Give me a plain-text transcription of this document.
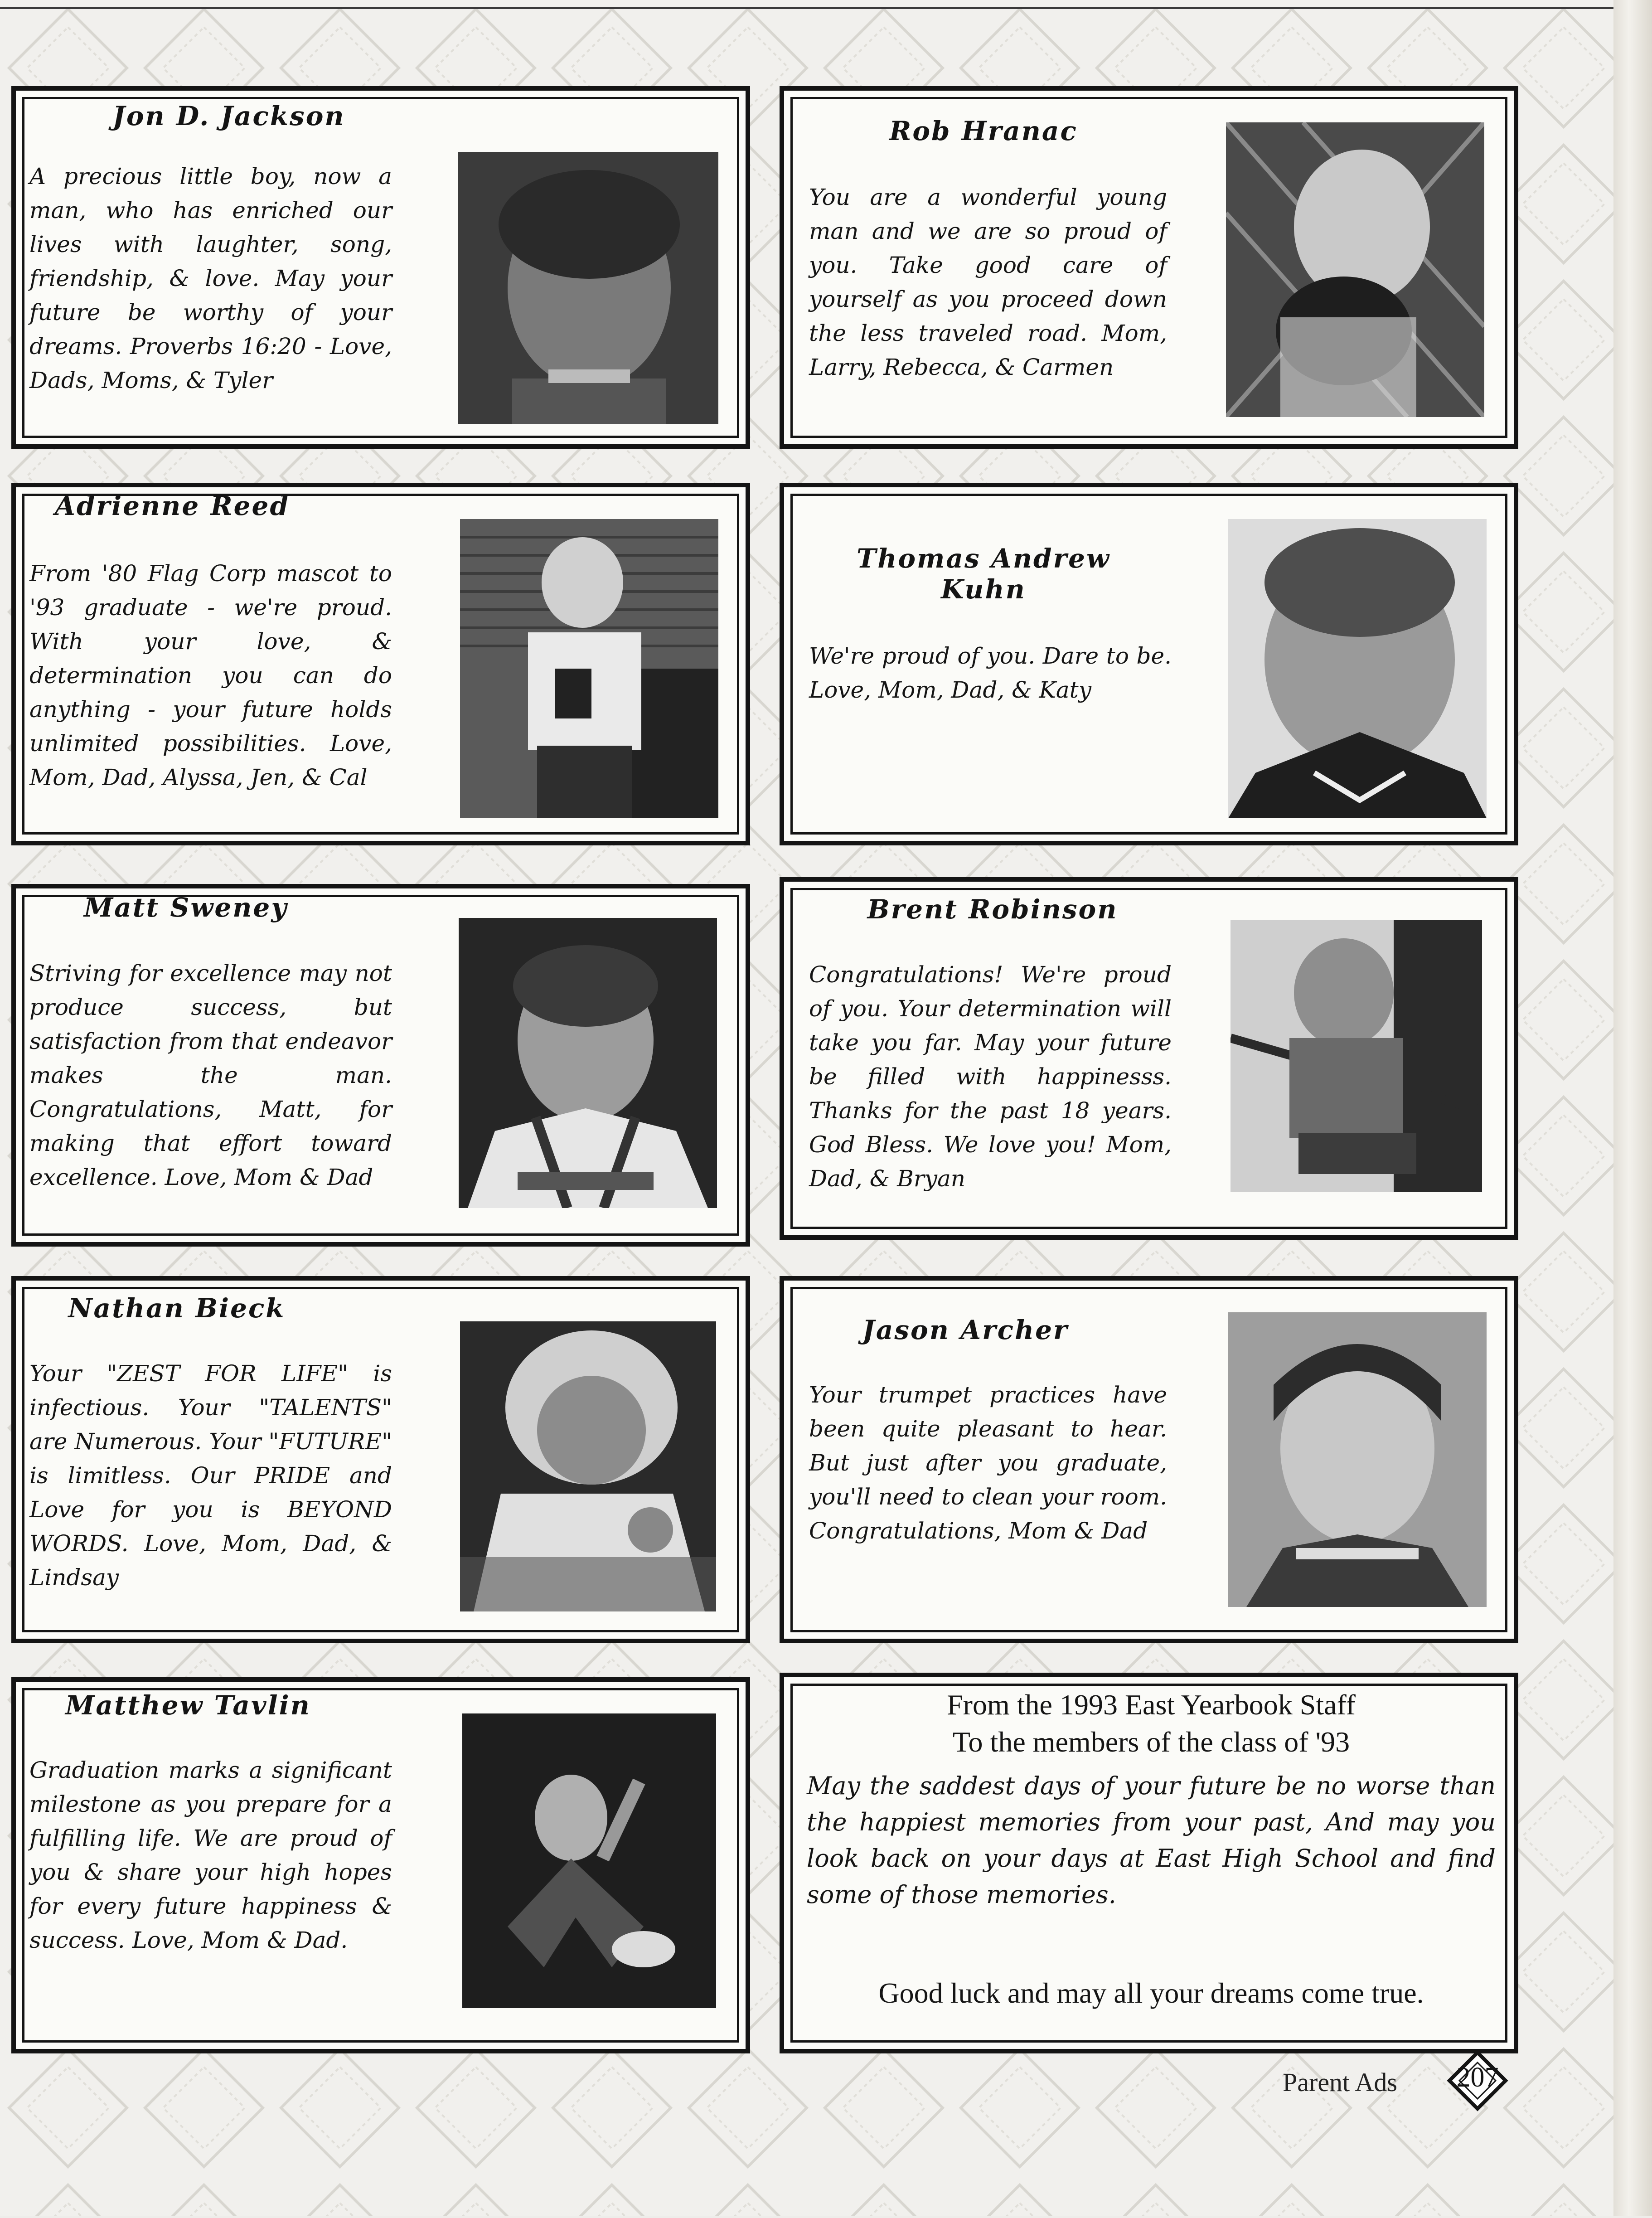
Jon D. Jackson

A precious little boy, now a man, who has enriched our lives with laughter, song, friendship, & love. May your future be worthy of your dreams. Proverbs 16:20 - Love, Dads, Moms, & Tyler

Rob Hranac

You are a wonderful young man and we are so proud of you. Take good care of yourself as you proceed down the less traveled road. Mom, Larry, Rebecca, & Carmen

Adrienne Reed

From '80 Flag Corp mascot to '93 graduate - we're proud. With your love, & determination you can do anything - your future holds unlimited possibilities. Love, Mom, Dad, Alyssa, Jen, & Cal

Thomas Andrew Kuhn

We're proud of you. Dare to be. Love, Mom, Dad, & Katy

Matt Sweney

Striving for excellence may not produce success, but satisfaction from that endeavor makes the man. Congratulations, Matt, for making that effort toward excellence. Love, Mom & Dad

Brent Robinson

Congratulations! We're proud of you. Your determination will take you far. May your future be filled with happinesss. Thanks for the past 18 years. God Bless. We love you! Mom, Dad, & Bryan

Nathan Bieck

Your "ZEST FOR LIFE" is infectious. Your "TALENTS" are Numerous. Your "FUTURE" is limitless. Our PRIDE and Love for you is BEYOND WORDS. Love, Mom, Dad, & Lindsay

Jason Archer

Your trumpet practices have been quite pleasant to hear. But just after you graduate, you'll need to clean your room. Congratulations, Mom & Dad

Matthew Tavlin

Graduation marks a significant milestone as you prepare for a fulfilling life. We are proud of you & share your high hopes for every future happiness & success. Love, Mom & Dad.

From the 1993 East Yearbook Staff
To the members of the class of '93

May the saddest days of your future be no worse than the happiest memories from your past, And may you look back on your days at East High School and find some of those memories.

Good luck and may all your dreams come true.
Parent Ads	207
